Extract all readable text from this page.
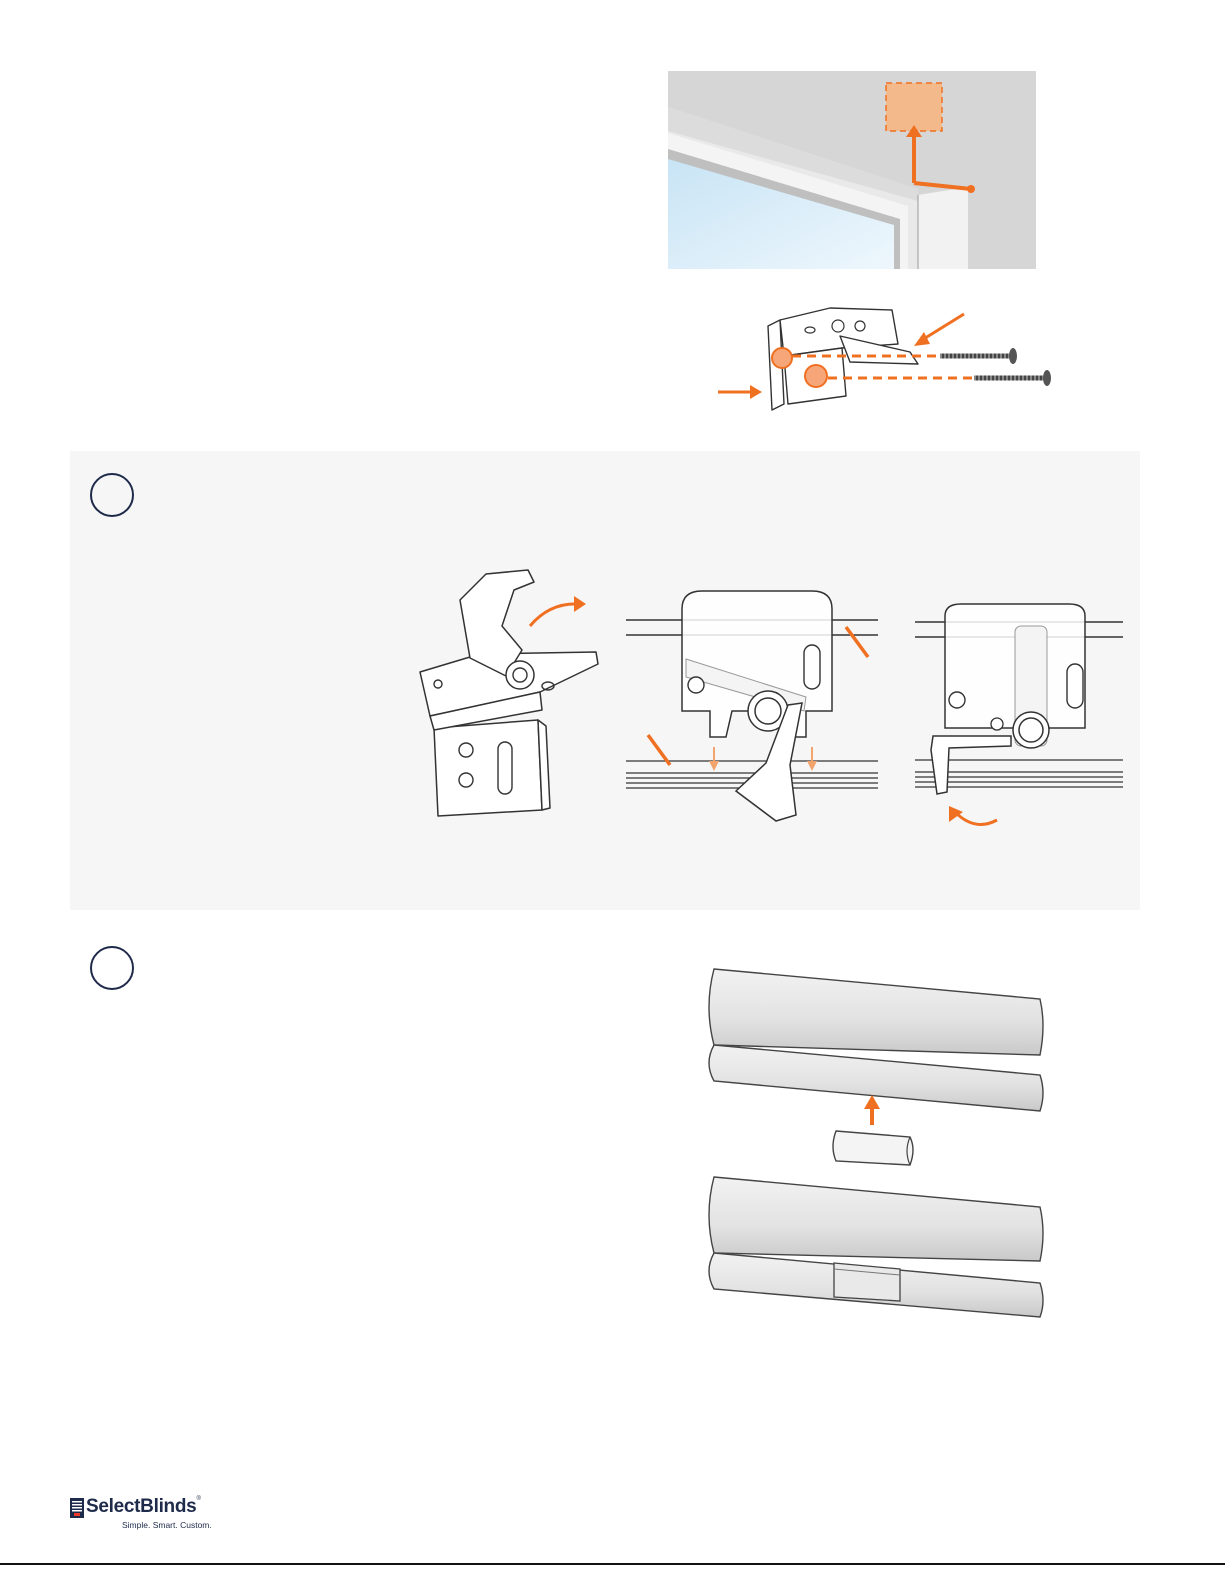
SelectBlinds ®
Simple. Smart. Custom.
